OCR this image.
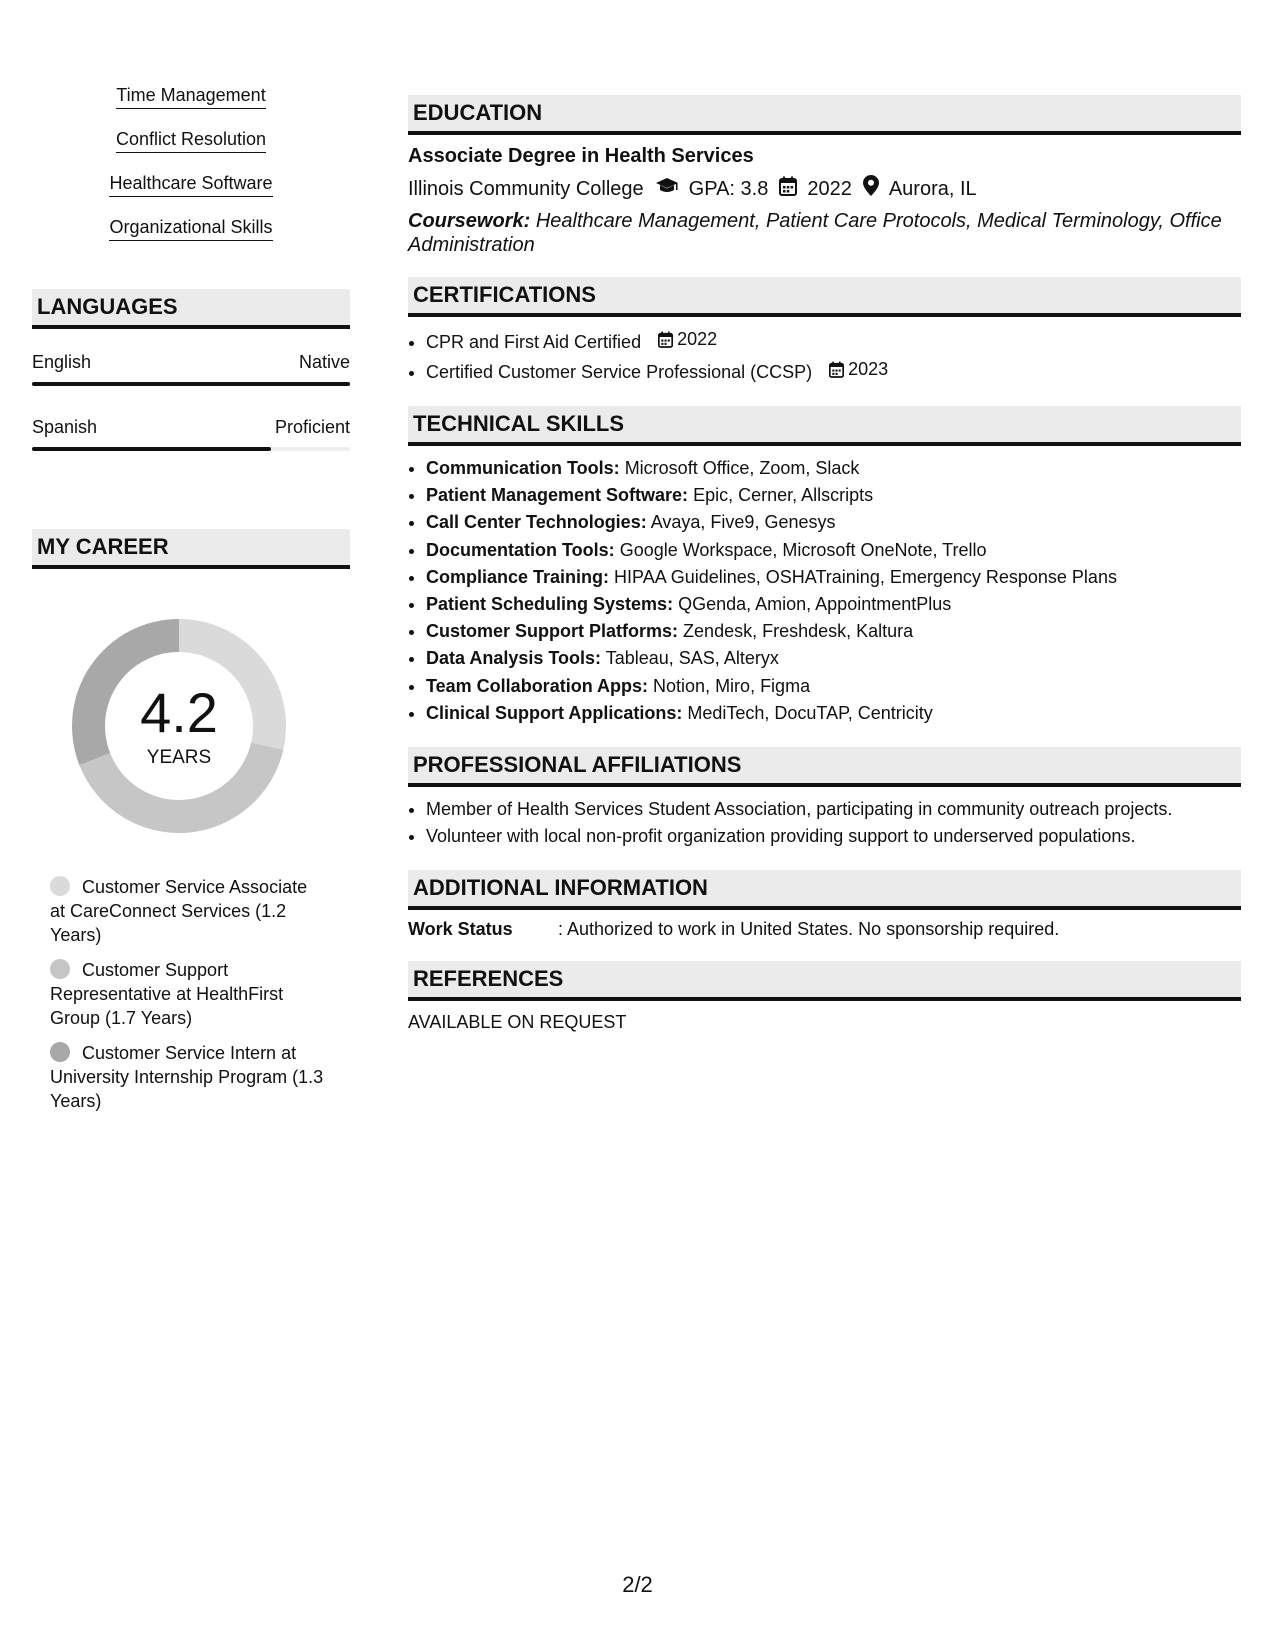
Time Management
Conflict Resolution
Healthcare Software
Organizational Skills
LANGUAGES
English	Native
Spanish	Proficient
MY CAREER
4.2
YEARS
Customer Service Associate at CareConnect Services (1.2 Years)
Customer Support Representative at HealthFirst Group (1.7 Years)
Customer Service Intern at University Internship Program (1.3 Years)
EDUCATION
Associate Degree in Health Services
Illinois Community College GPA: 3.8 2022 Aurora, IL
Coursework: Healthcare Management, Patient Care Protocols, Medical Terminology, Office Administration
CERTIFICATIONS
• CPR and First Aid Certified 2022
• Certified Customer Service Professional (CCSP) 2023
TECHNICAL SKILLS
• Communication Tools: Microsoft Office, Zoom, Slack
• Patient Management Software: Epic, Cerner, Allscripts
• Call Center Technologies: Avaya, Five9, Genesys
• Documentation Tools: Google Workspace, Microsoft OneNote, Trello
• Compliance Training: HIPAA Guidelines, OSHATraining, Emergency Response Plans
• Patient Scheduling Systems: QGenda, Amion, AppointmentPlus
• Customer Support Platforms: Zendesk, Freshdesk, Kaltura
• Data Analysis Tools: Tableau, SAS, Alteryx
• Team Collaboration Apps: Notion, Miro, Figma
• Clinical Support Applications: MediTech, DocuTAP, Centricity
PROFESSIONAL AFFILIATIONS
• Member of Health Services Student Association, participating in community outreach projects.
• Volunteer with local non-profit organization providing support to underserved populations.
ADDITIONAL INFORMATION
Work Status	: Authorized to work in United States. No sponsorship required.
REFERENCES
AVAILABLE ON REQUEST
2/2
